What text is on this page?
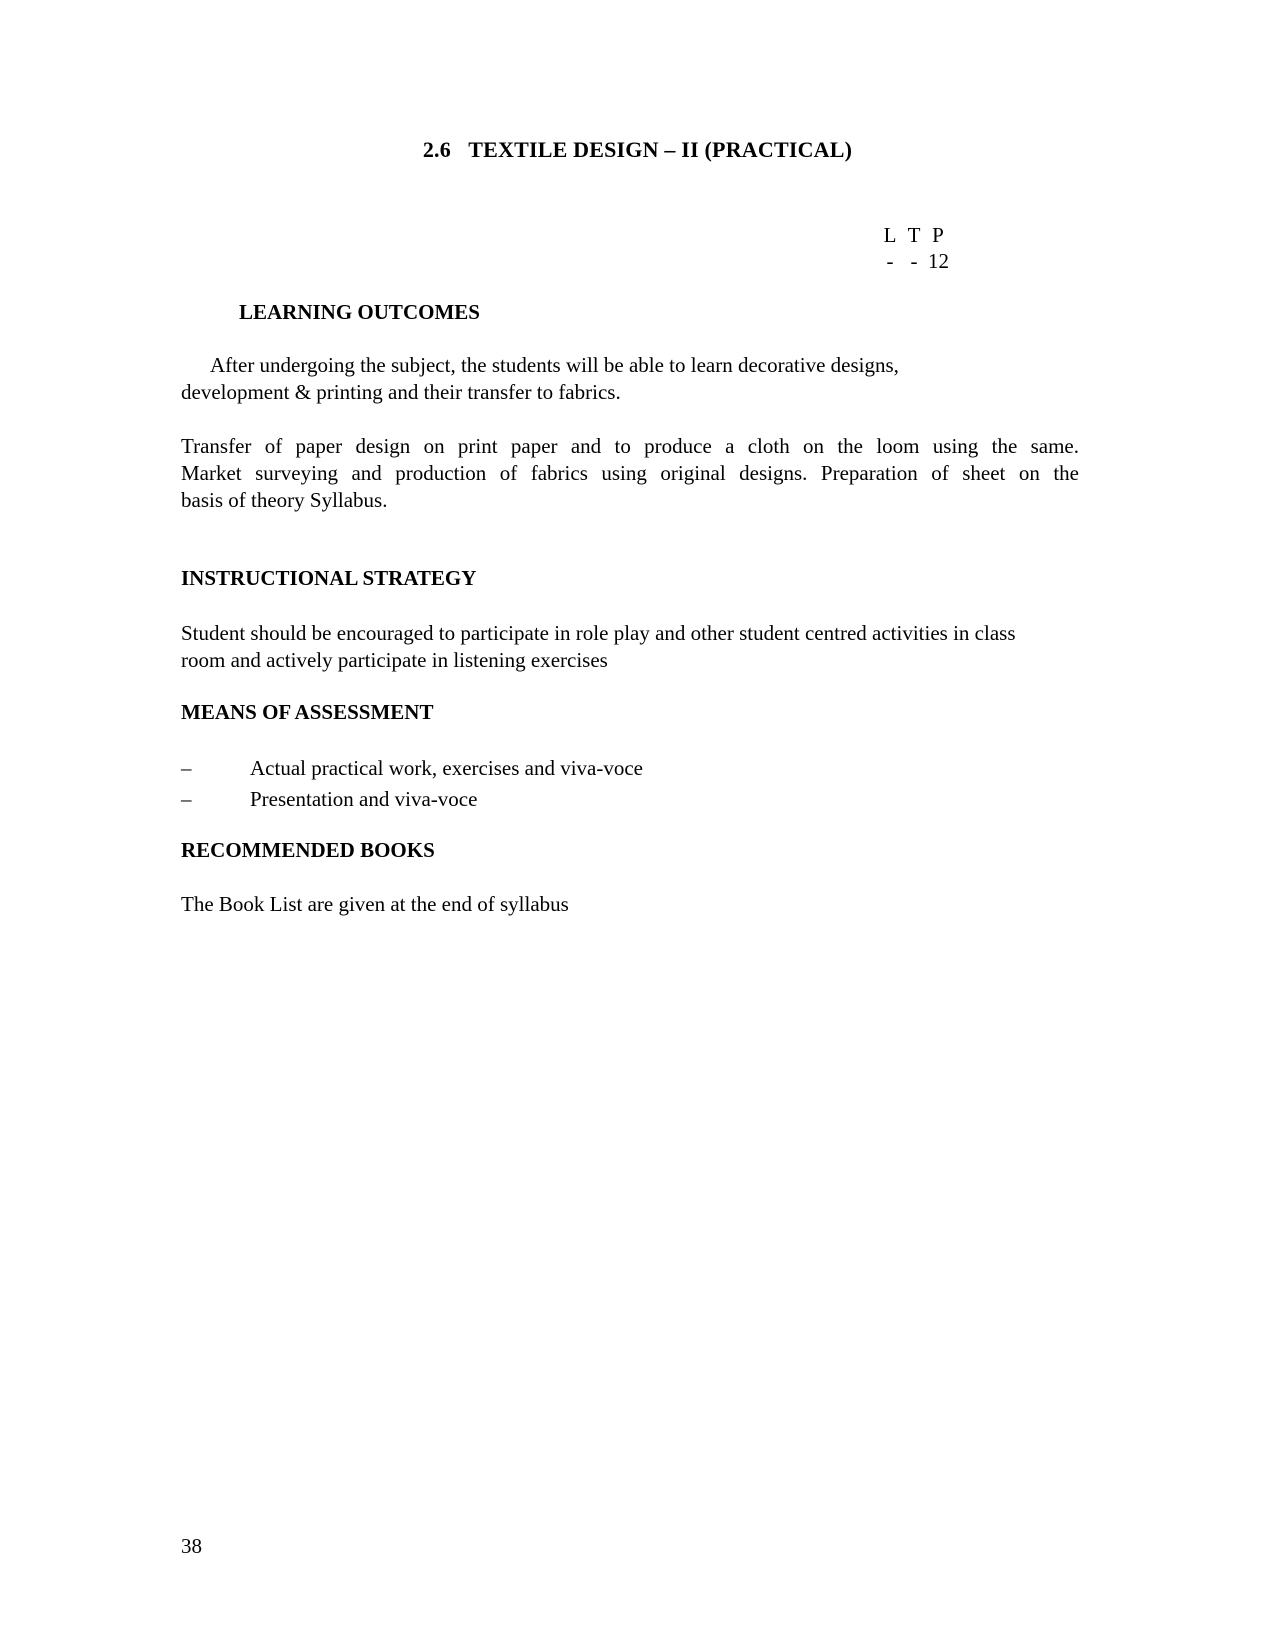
2.6 TEXTILE DESIGN – II (PRACTICAL)
L T P
- - 12
LEARNING OUTCOMES
After undergoing the subject, the students will be able to learn decorative designs,
development & printing and their transfer to fabrics.
Transfer of paper design on print paper and to produce a cloth on the loom using the same.
Market surveying and production of fabrics using original designs. Preparation of sheet on the
basis of theory Syllabus.
INSTRUCTIONAL STRATEGY
Student should be encouraged to participate in role play and other student centred activities in class
room and actively participate in listening exercises
MEANS OF ASSESSMENT
–	Actual practical work, exercises and viva-voce
–	Presentation and viva-voce
RECOMMENDED BOOKS
The Book List are given at the end of syllabus
38
